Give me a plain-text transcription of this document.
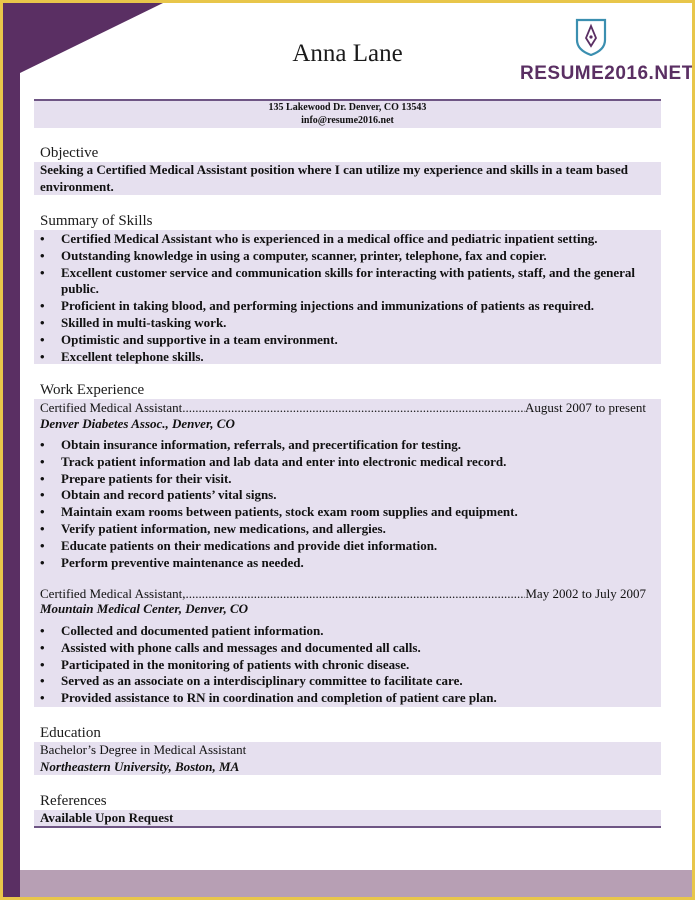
Anna Lane
RESUME2016.NET
135 Lakewood Dr. Denver, CO 13543
info@resume2016.net
Objective
Seeking a Certified Medical Assistant position where I can utilize my experience and skills in a team based environment.
Summary of Skills
• Certified Medical Assistant who is experienced in a medical office and pediatric inpatient setting.
• Outstanding knowledge in using a computer, scanner, printer, telephone, fax and copier.
• Excellent customer service and communication skills for interacting with patients, staff, and the general public.
• Proficient in taking blood, and performing injections and immunizations of patients as required.
• Skilled in multi-tasking work.
• Optimistic and supportive in a team environment.
• Excellent telephone skills.
Work Experience
Certified Medical Assistant .....	August 2007 to present
Denver Diabetes Assoc., Denver, CO
• Obtain insurance information, referrals, and precertification for testing.
• Track patient information and lab data and enter into electronic medical record.
• Prepare patients for their visit.
• Obtain and record patients’ vital signs.
• Maintain exam rooms between patients, stock exam room supplies and equipment.
• Verify patient information, new medications, and allergies.
• Educate patients on their medications and provide diet information.
• Perform preventive maintenance as needed.
Certified Medical Assistant, .....	May 2002 to July 2007
Mountain Medical Center, Denver, CO
• Collected and documented patient information.
• Assisted with phone calls and messages and documented all calls.
• Participated in the monitoring of patients with chronic disease.
• Served as an associate on a interdisciplinary committee to facilitate care.
• Provided assistance to RN in coordination and completion of patient care plan.
Education
Bachelor’s Degree in Medical Assistant
Northeastern University, Boston, MA
References
Available Upon Request
